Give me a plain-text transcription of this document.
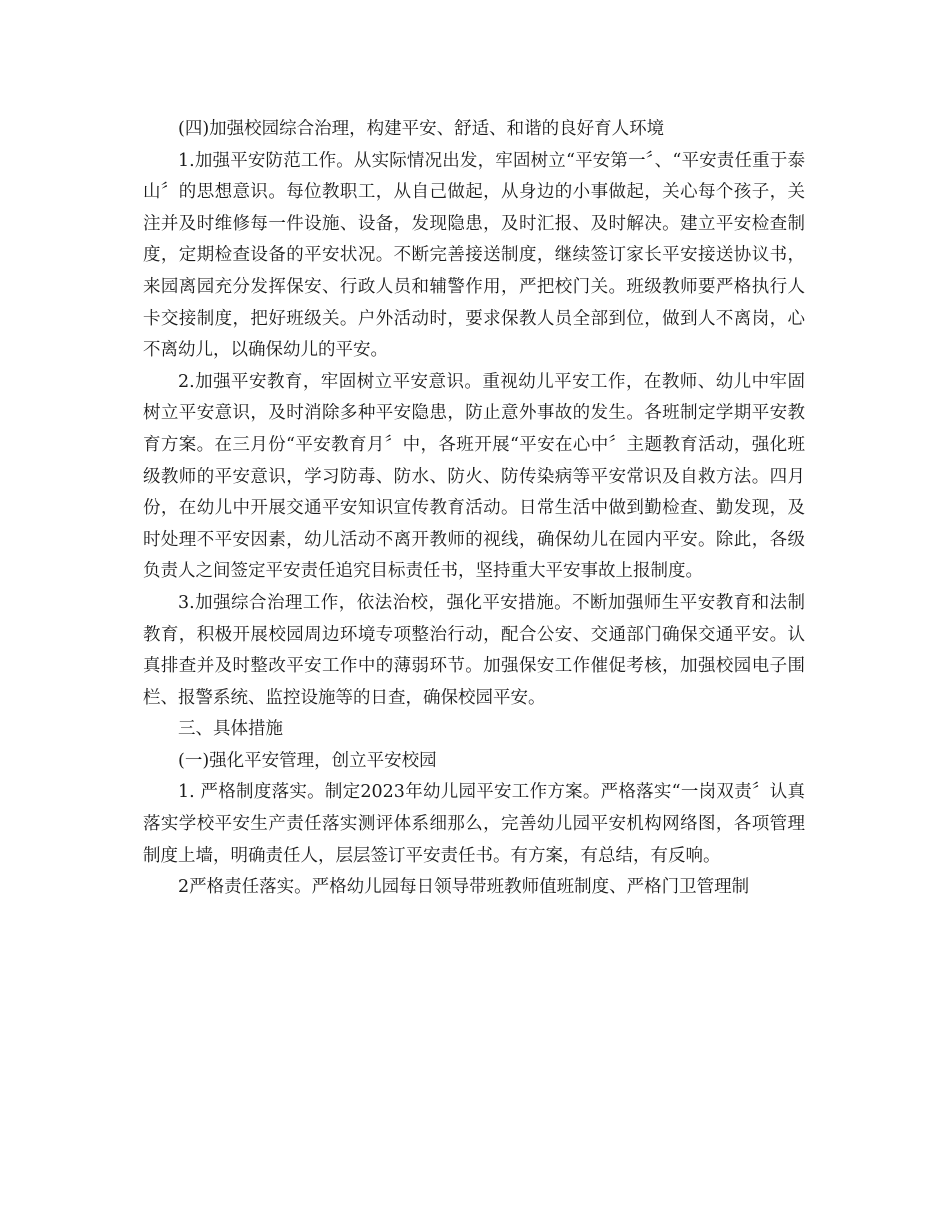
(四)加强校园综合治理，构建平安、舒适、和谐的良好育人环境

1.加强平安防范工作。从实际情况出发，牢固树立“平安第一〞、“平安责任重于泰山〞的思想意识。每位教职工，从自己做起，从身边的小事做起，关心每个孩子，关注并及时维修每一件设施、设备，发现隐患，及时汇报、及时解决。建立平安检查制度，定期检查设备的平安状况。不断完善接送制度，继续签订家长平安接送协议书，来园离园充分发挥保安、行政人员和辅警作用，严把校门关。班级教师要严格执行人卡交接制度，把好班级关。户外活动时，要求保教人员全部到位，做到人不离岗，心不离幼儿，以确保幼儿的平安。

2.加强平安教育，牢固树立平安意识。重视幼儿平安工作，在教师、幼儿中牢固树立平安意识，及时消除多种平安隐患，防止意外事故的发生。各班制定学期平安教育方案。在三月份“平安教育月〞中，各班开展“平安在心中〞主题教育活动，强化班级教师的平安意识，学习防毒、防水、防火、防传染病等平安常识及自救方法。四月份，在幼儿中开展交通平安知识宣传教育活动。日常生活中做到勤检查、勤发现，及时处理不平安因素，幼儿活动不离开教师的视线，确保幼儿在园内平安。除此，各级负责人之间签定平安责任追究目标责任书，坚持重大平安事故上报制度。

3.加强综合治理工作，依法治校，强化平安措施。不断加强师生平安教育和法制教育，积极开展校园周边环境专项整治行动，配合公安、交通部门确保交通平安。认真排查并及时整改平安工作中的薄弱环节。加强保安工作催促考核，加强校园电子围栏、报警系统、监控设施等的日查，确保校园平安。

三、具体措施

(一)强化平安管理，创立平安校园

1. 严格制度落实。制定2023年幼儿园平安工作方案。严格落实“一岗双责〞认真落实学校平安生产责任落实测评体系细那么，完善幼儿园平安机构网络图，各项管理制度上墙，明确责任人，层层签订平安责任书。有方案，有总结，有反响。

2严格责任落实。严格幼儿园每日领导带班教师值班制度、严格门卫管理制
